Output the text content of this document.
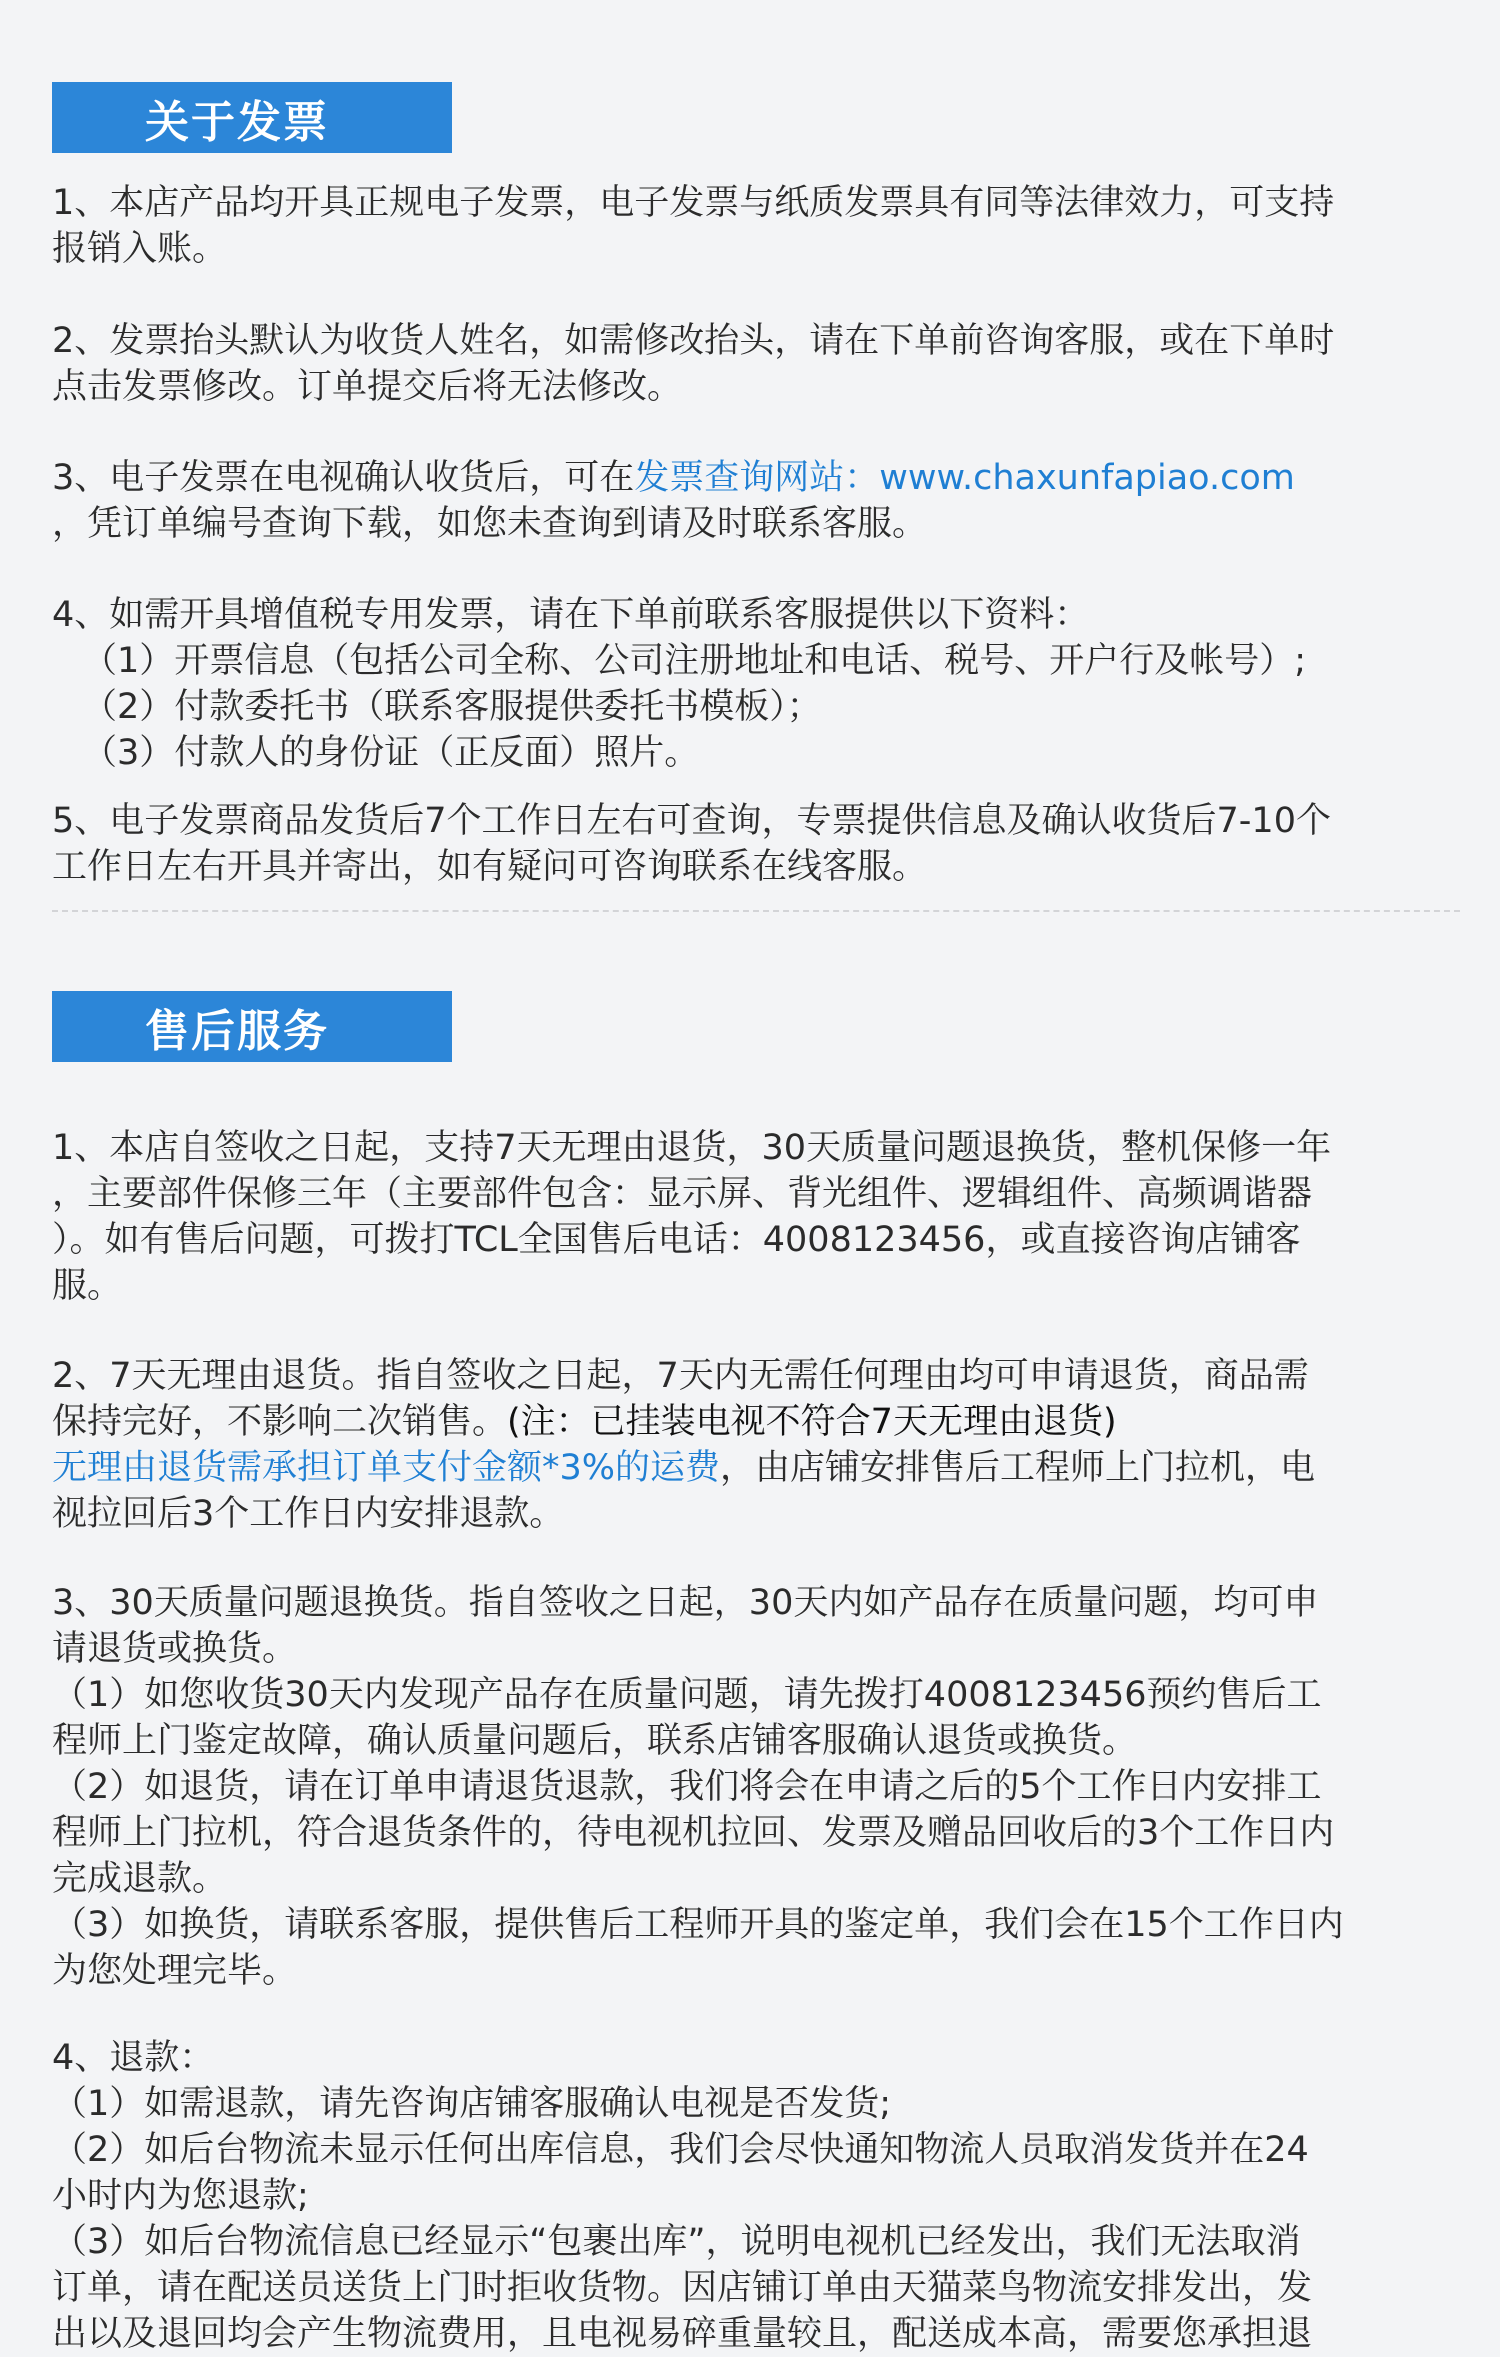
关于发票
1、本店产品均开具正规电子发票，电子发票与纸质发票具有同等法律效力，可支持
报销入账。
2、发票抬头默认为收货人姓名，如需修改抬头，请在下单前咨询客服，或在下单时
点击发票修改。订单提交后将无法修改。
3、电子发票在电视确认收货后，可在发票查询网站：www.chaxunfapiao.com
，凭订单编号查询下载，如您未查询到请及时联系客服。
4、如需开具增值税专用发票，请在下单前联系客服提供以下资料：
（1）开票信息（包括公司全称、公司注册地址和电话、税号、开户行及帐号）;
（2）付款委托书（联系客服提供委托书模板）；
（3）付款人的身份证（正反面）照片。
5、电子发票商品发货后7个工作日左右可查询，专票提供信息及确认收货后7-10个
工作日左右开具并寄出，如有疑问可咨询联系在线客服。
售后服务
1、本店自签收之日起，支持7天无理由退货，30天质量问题退换货，整机保修一年
，主要部件保修三年（主要部件包含：显示屏、背光组件、逻辑组件、高频调谐器
）。如有售后问题，可拨打TCL全国售后电话：4008123456，或直接咨询店铺客
服。
2、7天无理由退货。指自签收之日起，7天内无需任何理由均可申请退货，商品需
保持完好，不影响二次销售。(注：已挂装电视不符合7天无理由退货)
无理由退货需承担订单支付金额*3%的运费，由店铺安排售后工程师上门拉机，电
视拉回后3个工作日内安排退款。
3、30天质量问题退换货。指自签收之日起，30天内如产品存在质量问题，均可申
请退货或换货。
（1）如您收货30天内发现产品存在质量问题，请先拨打4008123456预约售后工
程师上门鉴定故障，确认质量问题后，联系店铺客服确认退货或换货。
（2）如退货，请在订单申请退货退款，我们将会在申请之后的5个工作日内安排工
程师上门拉机，符合退货条件的，待电视机拉回、发票及赠品回收后的3个工作日内
完成退款。
（3）如换货，请联系客服，提供售后工程师开具的鉴定单，我们会在15个工作日内
为您处理完毕。
4、退款：
（1）如需退款，请先咨询店铺客服确认电视是否发货;
（2）如后台物流未显示任何出库信息，我们会尽快通知物流人员取消发货并在24
小时内为您退款;
（3）如后台物流信息已经显示“包裹出库”，说明电视机已经发出，我们无法取消
订单，请在配送员送货上门时拒收货物。因店铺订单由天猫菜鸟物流安排发出，发
出以及退回均会产生物流费用，且电视易碎重量较且，配送成本高，需要您承担退
